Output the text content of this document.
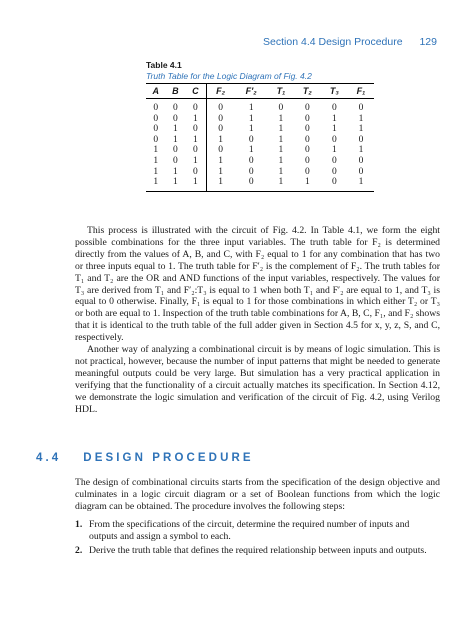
Section 4.4 Design Procedure 129
Table 4.1
Truth Table for the Logic Diagram of Fig. 4.2
A	B	C	F₂	F′₂	T₁	T₂	T₃	F₁
0	0	0	0	1	0	0	0	0
0	0	1	0	1	1	0	1	1
0	1	0	0	1	1	0	1	1
0	1	1	1	0	1	0	0	0
1	0	0	0	1	1	0	1	1
1	0	1	1	0	1	0	0	0
1	1	0	1	0	1	0	0	0
1	1	1	1	0	1	1	0	1

This process is illustrated with the circuit of Fig. 4.2. In Table 4.1, we form the eight possible combinations for the three input variables. The truth table for F₂ is determined directly from the values of A, B, and C, with F₂ equal to 1 for any combination that has two or three inputs equal to 1. The truth table for F′₂ is the complement of F₂. The truth tables for T₁ and T₂ are the OR and AND functions of the input variables, respectively. The values for T₃ are derived from T₁ and F′₂:T₃ is equal to 1 when both T₁ and F′₂ are equal to 1, and T₃ is equal to 0 otherwise. Finally, F₁ is equal to 1 for those combinations in which either T₂ or T₃ or both are equal to 1. Inspection of the truth table combinations for A, B, C, F₁, and F₂ shows that it is identical to the truth table of the full adder given in Section 4.5 for x, y, z, S, and C, respectively.

Another way of analyzing a combinational circuit is by means of logic simulation. This is not practical, however, because the number of input patterns that might be needed to generate meaningful outputs could be very large. But simulation has a very practical application in verifying that the functionality of a circuit actually matches its specification. In Section 4.12, we demonstrate the logic simulation and verification of the circuit of Fig. 4.2, using Verilog HDL.

4.4 DESIGN PROCEDURE

The design of combinational circuits starts from the specification of the design objective and culminates in a logic circuit diagram or a set of Boolean functions from which the logic diagram can be obtained. The procedure involves the following steps:

1. From the specifications of the circuit, determine the required number of inputs and outputs and assign a symbol to each.
2. Derive the truth table that defines the required relationship between inputs and outputs.
